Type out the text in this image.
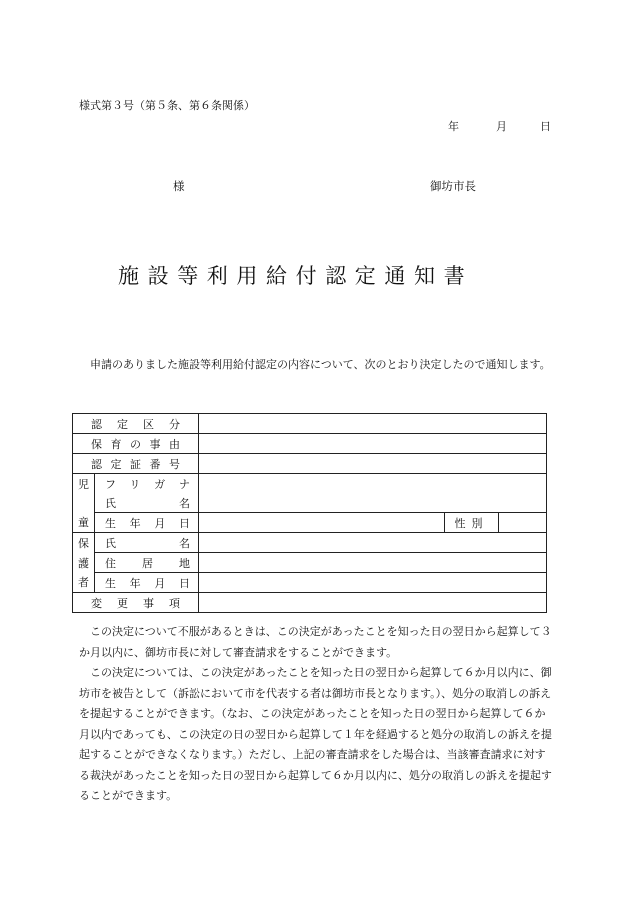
様式第３号（第５条、第６条関係）
年	月	日
様	御坊市長
施設等利用給付認定通知書

申請のありました施設等利用給付認定の内容について、次のとおり決定したので通知します。

認定区分				
保育の事由				
認定証番号				
児	フリガナ			
	氏名			
童	生年月日		性別	
保	氏名			
護	住居地			
者	生年月日			
変更事項				

この決定について不服があるときは、この決定があったことを知った日の翌日から起算して３か月以内に、御坊市長に対して審査請求をすることができます。

この決定については、この決定があったことを知った日の翌日から起算して６か月以内に、御坊市を被告として（訴訟において市を代表する者は御坊市長となります。）、処分の取消しの訴えを提起することができます。（なお、この決定があったことを知った日の翌日から起算して６か月以内であっても、この決定の日の翌日から起算して１年を経過すると処分の取消しの訴えを提起することができなくなります。）ただし、上記の審査請求をした場合は、当該審査請求に対する裁決があったことを知った日の翌日から起算して６か月以内に、処分の取消しの訴えを提起することができます。
